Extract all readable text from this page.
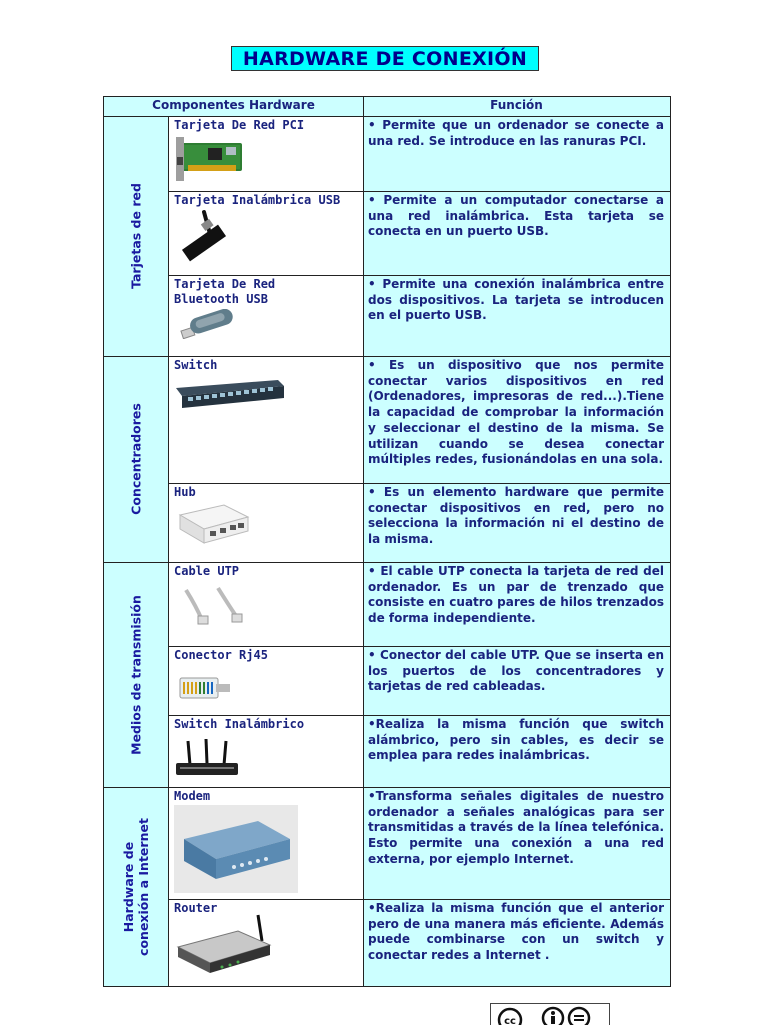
HARDWARE DE CONEXIÓN
Componentes Hardware	Función
Tarjetas de red
Concentradores
Medios de transmisión
Hardware de conexión a Internet
Tarjeta De Red PCI
Tarjeta Inalámbrica USB
Tarjeta De Red Bluetooth USB
Switch
Hub
Cable UTP
Conector Rj45
Switch Inalámbrico
Modem
Router
• Permite que un ordenador se conecte a una red. Se introduce en las ranuras PCI.
• Permite a un computador conectarse a una red inalámbrica. Esta tarjeta se conecta en un puerto USB.
• Permite una conexión inalámbrica entre dos dispositivos. La tarjeta se introducen en el puerto USB.
• Es un dispositivo que nos permite conectar varios dispositivos en red (Ordenadores, impresoras de red...).Tiene la capacidad de comprobar la información y seleccionar el destino de la misma. Se utilizan cuando se desea conectar múltiples redes, fusionándolas en una sola.
• Es un elemento hardware que permite conectar dispositivos en red, pero no selecciona la información ni el destino de la misma.
• El cable UTP conecta la tarjeta de red del ordenador. Es un par de trenzado que consiste en cuatro pares de hilos trenzados de forma independiente.
• Conector del cable UTP. Que se inserta en los puertos de los concentradores y tarjetas de red cableadas.
•Realiza la misma función que switch alámbrico, pero sin cables, es decir se emplea para redes inalámbricas.
•Transforma señales digitales de nuestro ordenador a señales analógicas para ser transmitidas a través de la línea telefónica. Esto permite una conexión a una red externa, por ejemplo Internet.
•Realiza la misma función que el anterior pero de una manera más eficiente. Además puede combinarse con un switch y conectar redes a Internet .
cc
